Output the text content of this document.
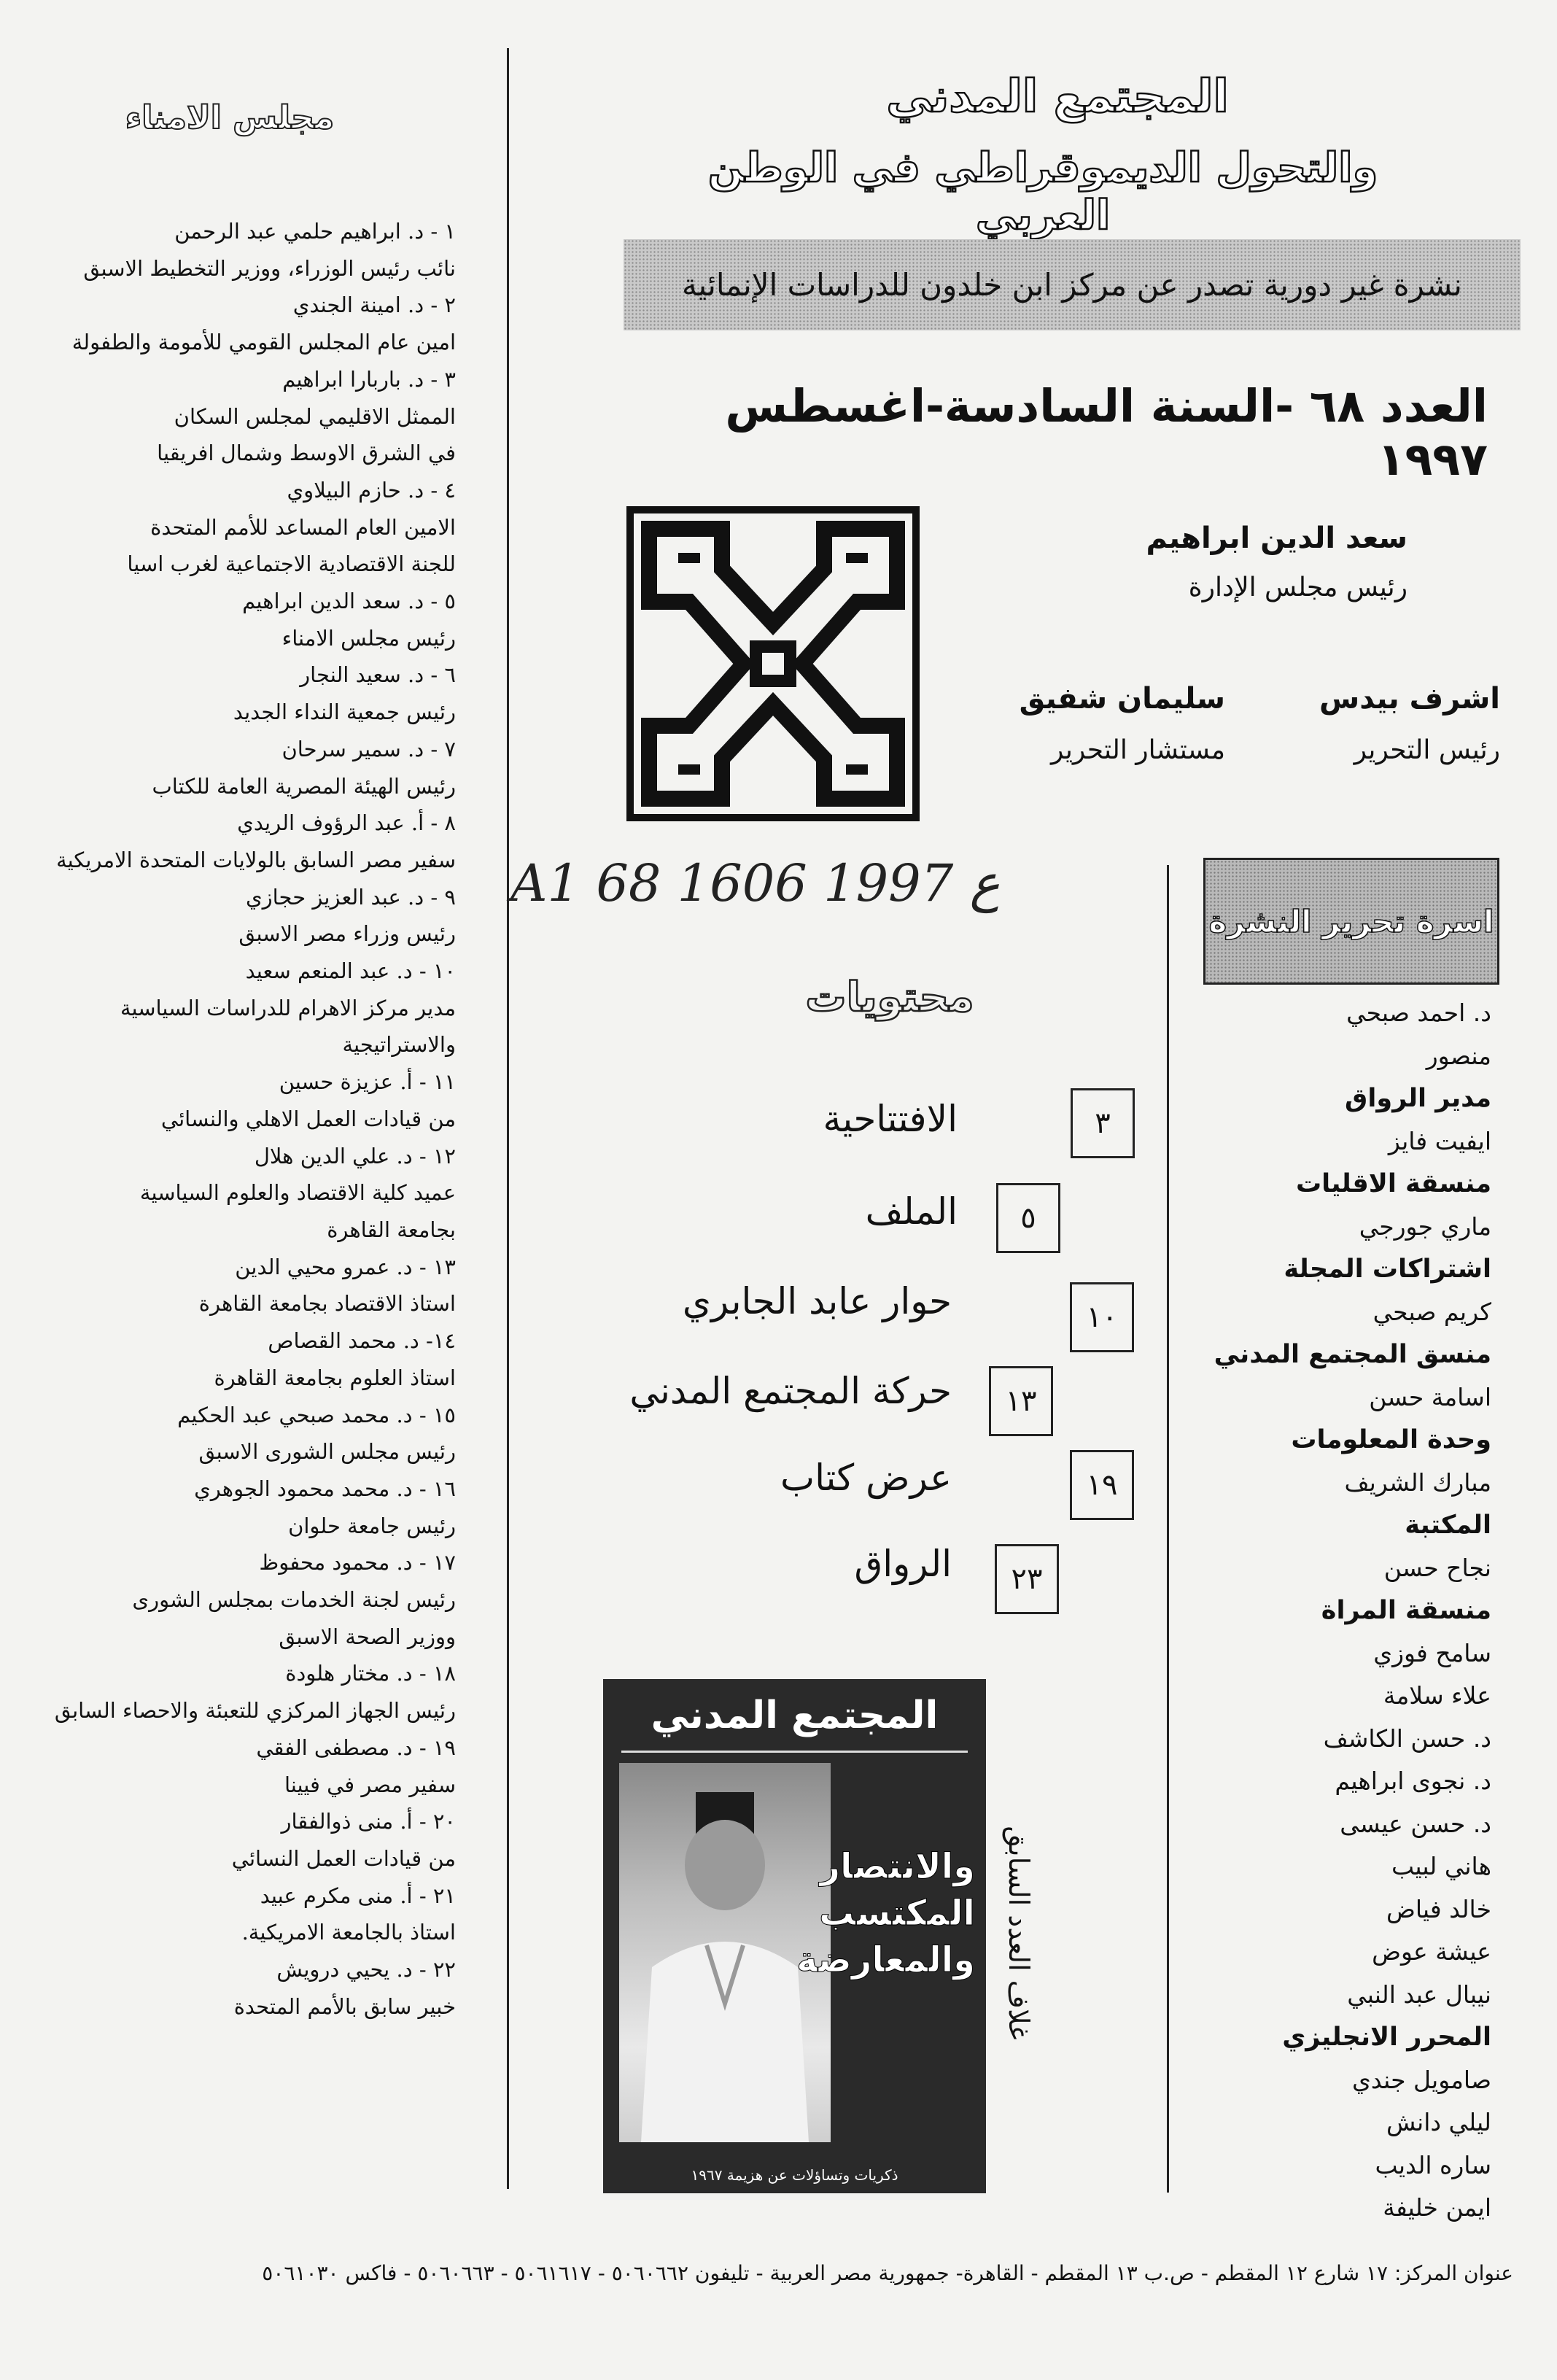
مجلس الامناء
١ - د. ابراهيم حلمي عبد الرحمن
نائب رئيس الوزراء، ووزير التخطيط الاسبق
٢ - د. امينة الجندي
امين عام المجلس القومي للأمومة والطفولة
٣ - د. باربارا ابراهيم
الممثل الاقليمي لمجلس السكان
في الشرق الاوسط وشمال افريقيا
٤ - د. حازم البيلاوي
الامين العام المساعد للأمم المتحدة
للجنة الاقتصادية الاجتماعية لغرب اسيا
٥ - د. سعد الدين ابراهيم
رئيس مجلس الامناء
٦ - د. سعيد النجار
رئيس جمعية النداء الجديد
٧ - د. سمير سرحان
رئيس الهيئة المصرية العامة للكتاب
٨ - أ. عبد الرؤوف الريدي
سفير مصر السابق بالولايات المتحدة الامريكية
٩ - د. عبد العزيز حجازي
رئيس وزراء مصر الاسبق
١٠ - د. عبد المنعم سعيد
مدير مركز الاهرام للدراسات السياسية
والاستراتيجية
١١ - أ. عزيزة حسين
من قيادات العمل الاهلي والنسائي
١٢ - د. علي الدين هلال
عميد كلية الاقتصاد والعلوم السياسية
بجامعة القاهرة
١٣ - د. عمرو محيي الدين
استاذ الاقتصاد بجامعة القاهرة
١٤- د. محمد القصاص
استاذ العلوم بجامعة القاهرة
١٥ - د. محمد صبحي عبد الحكيم
رئيس مجلس الشورى الاسبق
١٦ - د. محمد محمود الجوهري
رئيس جامعة حلوان
١٧ - د. محمود محفوظ
رئيس لجنة الخدمات بمجلس الشورى
ووزير الصحة الاسبق
١٨ - د. مختار هلودة
رئيس الجهاز المركزي للتعبئة والاحصاء السابق
١٩ - د. مصطفى الفقي
سفير مصر في فيينا
٢٠ - أ. منى ذوالفقار
من قيادات العمل النسائي
٢١ - أ. منى مكرم عبيد
استاذ بالجامعة الامريكية.
٢٢ - د. يحيي درويش
خبير سابق بالأمم المتحدة
المجتمع المدني
والتحول الديموقراطي في الوطن العربي
نشرة غير دورية تصدر عن مركز ابن خلدون للدراسات الإنمائية
العدد ٦٨ -السنة السادسة-اغسطس ١٩٩٧
سعد الدين ابراهيم
رئيس مجلس الإدارة
اشرف بيدس
رئيس التحرير
سليمان شفيق
مستشار التحرير
A1 68 ع 1997 1606
محتويات
الافتتاحية	٣
الملف	٥
حوار عابد الجابري	١٠
حركة المجتمع المدني	١٣
عرض كتاب	١٩
الرواق	٢٣
اسرة تحرير النشرة
د. احمد صبحي
منصور
مدير الرواق
ايفيت فايز
منسقة الاقليات
ماري جورجي
اشتراكات المجلة
كريم صبحي
منسق المجتمع المدني
اسامة حسن
وحدة المعلومات
مبارك الشريف
المكتبة
نجاح حسن
منسقة المراة
سامح فوزي
علاء سلامة
د. حسن الكاشف
د. نجوى ابراهيم
د. حسن عيسى
هاني لبيب
خالد فياض
عيشة عوض
نيبال عبد النبي
المحرر الانجليزي
صامويل جندي
ليلي دانش
ساره الديب
ايمن خليفة
المجتمع المدني
والانتصار المكتسب والمعارضة
ذكريات وتساؤلات عن هزيمة ١٩٦٧
غلاف العدد السابق
عنوان المركز: ١٧ شارع ١٢ المقطم - ص.ب ١٣ المقطم - القاهرة- جمهورية مصر العربية - تليفون ٥٠٦٠٦٦٢ - ٥٠٦١٦١٧ - ٥٠٦٠٦٦٣ - فاكس ٥٠٦١٠٣٠
